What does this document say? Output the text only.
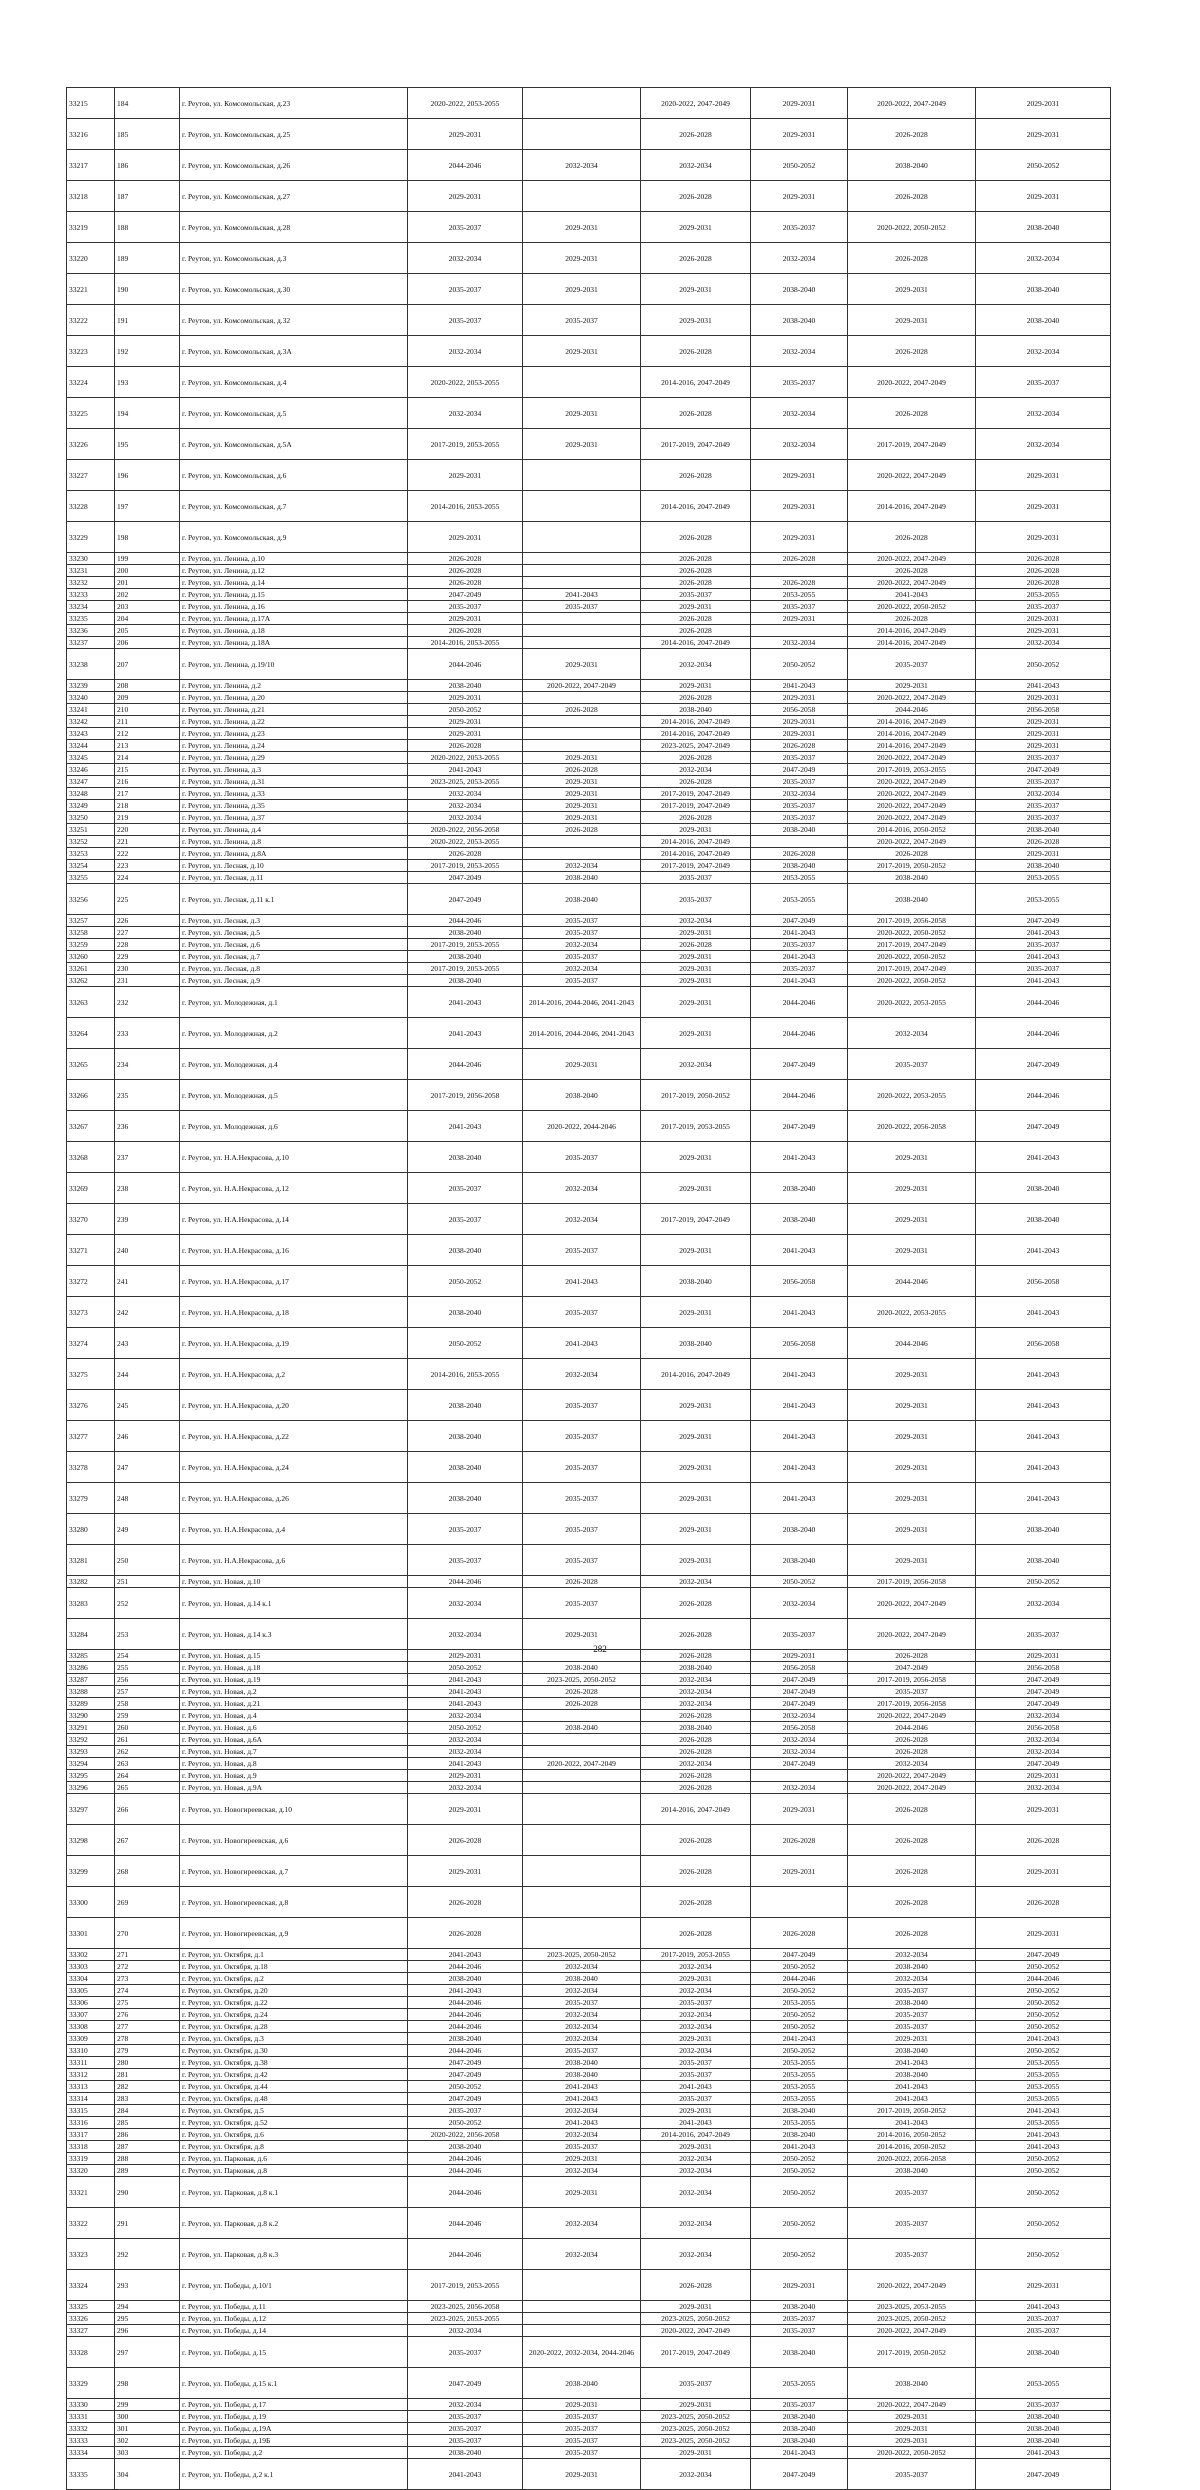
33215	184	г. Реутов, ул. Комсомольская, д.23	2020-2022, 2053-2055		2020-2022, 2047-2049	2029-2031	2020-2022, 2047-2049	2029-2031
33216	185	г. Реутов, ул. Комсомольская, д.25	2029-2031		2026-2028	2029-2031	2026-2028	2029-2031
33217	186	г. Реутов, ул. Комсомольская, д.26	2044-2046	2032-2034	2032-2034	2050-2052	2038-2040	2050-2052
33218	187	г. Реутов, ул. Комсомольская, д.27	2029-2031		2026-2028	2029-2031	2026-2028	2029-2031
33219	188	г. Реутов, ул. Комсомольская, д.28	2035-2037	2029-2031	2029-2031	2035-2037	2020-2022, 2050-2052	2038-2040
33220	189	г. Реутов, ул. Комсомольская, д.3	2032-2034	2029-2031	2026-2028	2032-2034	2026-2028	2032-2034
33221	190	г. Реутов, ул. Комсомольская, д.30	2035-2037	2029-2031	2029-2031	2038-2040	2029-2031	2038-2040
33222	191	г. Реутов, ул. Комсомольская, д.32	2035-2037	2035-2037	2029-2031	2038-2040	2029-2031	2038-2040
33223	192	г. Реутов, ул. Комсомольская, д.3А	2032-2034	2029-2031	2026-2028	2032-2034	2026-2028	2032-2034
33224	193	г. Реутов, ул. Комсомольская, д.4	2020-2022, 2053-2055		2014-2016, 2047-2049	2035-2037	2020-2022, 2047-2049	2035-2037
33225	194	г. Реутов, ул. Комсомольская, д.5	2032-2034	2029-2031	2026-2028	2032-2034	2026-2028	2032-2034
33226	195	г. Реутов, ул. Комсомольская, д.5А	2017-2019, 2053-2055	2029-2031	2017-2019, 2047-2049	2032-2034	2017-2019, 2047-2049	2032-2034
33227	196	г. Реутов, ул. Комсомольская, д.6	2029-2031		2026-2028	2029-2031	2020-2022, 2047-2049	2029-2031
33228	197	г. Реутов, ул. Комсомольская, д.7	2014-2016, 2053-2055		2014-2016, 2047-2049	2029-2031	2014-2016, 2047-2049	2029-2031
33229	198	г. Реутов, ул. Комсомольская, д.9	2029-2031		2026-2028	2029-2031	2026-2028	2029-2031
33230	199	г. Реутов, ул. Ленина, д.10	2026-2028		2026-2028	2026-2028	2020-2022, 2047-2049	2026-2028
33231	200	г. Реутов, ул. Ленина, д.12	2026-2028		2026-2028		2026-2028	2026-2028
33232	201	г. Реутов, ул. Ленина, д.14	2026-2028		2026-2028	2026-2028	2020-2022, 2047-2049	2026-2028
33233	202	г. Реутов, ул. Ленина, д.15	2047-2049	2041-2043	2035-2037	2053-2055	2041-2043	2053-2055
33234	203	г. Реутов, ул. Ленина, д.16	2035-2037	2035-2037	2029-2031	2035-2037	2020-2022, 2050-2052	2035-2037
33235	204	г. Реутов, ул. Ленина, д.17А	2029-2031		2026-2028	2029-2031	2026-2028	2029-2031
33236	205	г. Реутов, ул. Ленина, д.18	2026-2028		2026-2028		2014-2016, 2047-2049	2029-2031
33237	206	г. Реутов, ул. Ленина, д.18А	2014-2016, 2053-2055		2014-2016, 2047-2049	2032-2034	2014-2016, 2047-2049	2032-2034
33238	207	г. Реутов, ул. Ленина, д.19/10	2044-2046	2029-2031	2032-2034	2050-2052	2035-2037	2050-2052
33239	208	г. Реутов, ул. Ленина, д.2	2038-2040	2020-2022, 2047-2049	2029-2031	2041-2043	2029-2031	2041-2043
33240	209	г. Реутов, ул. Ленина, д.20	2029-2031		2026-2028	2029-2031	2020-2022, 2047-2049	2029-2031
33241	210	г. Реутов, ул. Ленина, д.21	2050-2052	2026-2028	2038-2040	2056-2058	2044-2046	2056-2058
33242	211	г. Реутов, ул. Ленина, д.22	2029-2031		2014-2016, 2047-2049	2029-2031	2014-2016, 2047-2049	2029-2031
33243	212	г. Реутов, ул. Ленина, д.23	2029-2031		2014-2016, 2047-2049	2029-2031	2014-2016, 2047-2049	2029-2031
33244	213	г. Реутов, ул. Ленина, д.24	2026-2028		2023-2025, 2047-2049	2026-2028	2014-2016, 2047-2049	2029-2031
33245	214	г. Реутов, ул. Ленина, д.29	2020-2022, 2053-2055	2029-2031	2026-2028	2035-2037	2020-2022, 2047-2049	2035-2037
33246	215	г. Реутов, ул. Ленина, д.3	2041-2043	2026-2028	2032-2034	2047-2049	2017-2019, 2053-2055	2047-2049
33247	216	г. Реутов, ул. Ленина, д.31	2023-2025, 2053-2055	2029-2031	2026-2028	2035-2037	2020-2022, 2047-2049	2035-2037
33248	217	г. Реутов, ул. Ленина, д.33	2032-2034	2029-2031	2017-2019, 2047-2049	2032-2034	2020-2022, 2047-2049	2032-2034
33249	218	г. Реутов, ул. Ленина, д.35	2032-2034	2029-2031	2017-2019, 2047-2049	2035-2037	2020-2022, 2047-2049	2035-2037
33250	219	г. Реутов, ул. Ленина, д.37	2032-2034	2029-2031	2026-2028	2035-2037	2020-2022, 2047-2049	2035-2037
33251	220	г. Реутов, ул. Ленина, д.4	2020-2022, 2056-2058	2026-2028	2029-2031	2038-2040	2014-2016, 2050-2052	2038-2040
33252	221	г. Реутов, ул. Ленина, д.8	2020-2022, 2053-2055		2014-2016, 2047-2049		2020-2022, 2047-2049	2026-2028
33253	222	г. Реутов, ул. Ленина, д.8А	2026-2028		2014-2016, 2047-2049	2026-2028	2026-2028	2029-2031
33254	223	г. Реутов, ул. Лесная, д.10	2017-2019, 2053-2055	2032-2034	2017-2019, 2047-2049	2038-2040	2017-2019, 2050-2052	2038-2040
33255	224	г. Реутов, ул. Лесная, д.11	2047-2049	2038-2040	2035-2037	2053-2055	2038-2040	2053-2055
33256	225	г. Реутов, ул. Лесная, д.11 к.1	2047-2049	2038-2040	2035-2037	2053-2055	2038-2040	2053-2055
33257	226	г. Реутов, ул. Лесная, д.3	2044-2046	2035-2037	2032-2034	2047-2049	2017-2019, 2056-2058	2047-2049
33258	227	г. Реутов, ул. Лесная, д.5	2038-2040	2035-2037	2029-2031	2041-2043	2020-2022, 2050-2052	2041-2043
33259	228	г. Реутов, ул. Лесная, д.6	2017-2019, 2053-2055	2032-2034	2026-2028	2035-2037	2017-2019, 2047-2049	2035-2037
33260	229	г. Реутов, ул. Лесная, д.7	2038-2040	2035-2037	2029-2031	2041-2043	2020-2022, 2050-2052	2041-2043
33261	230	г. Реутов, ул. Лесная, д.8	2017-2019, 2053-2055	2032-2034	2029-2031	2035-2037	2017-2019, 2047-2049	2035-2037
33262	231	г. Реутов, ул. Лесная, д.9	2038-2040	2035-2037	2029-2031	2041-2043	2020-2022, 2050-2052	2041-2043
33263	232	г. Реутов, ул. Молодежная, д.1	2041-2043	2014-2016, 2044-2046, 2041-2043	2029-2031	2044-2046	2020-2022, 2053-2055	2044-2046
33264	233	г. Реутов, ул. Молодежная, д.2	2041-2043	2014-2016, 2044-2046, 2041-2043	2029-2031	2044-2046	2032-2034	2044-2046
33265	234	г. Реутов, ул. Молодежная, д.4	2044-2046	2029-2031	2032-2034	2047-2049	2035-2037	2047-2049
33266	235	г. Реутов, ул. Молодежная, д.5	2017-2019, 2056-2058	2038-2040	2017-2019, 2050-2052	2044-2046	2020-2022, 2053-2055	2044-2046
33267	236	г. Реутов, ул. Молодежная, д.6	2041-2043	2020-2022, 2044-2046	2017-2019, 2053-2055	2047-2049	2020-2022, 2056-2058	2047-2049
33268	237	г. Реутов, ул. Н.А.Некрасова, д.10	2038-2040	2035-2037	2029-2031	2041-2043	2029-2031	2041-2043
33269	238	г. Реутов, ул. Н.А.Некрасова, д.12	2035-2037	2032-2034	2029-2031	2038-2040	2029-2031	2038-2040
33270	239	г. Реутов, ул. Н.А.Некрасова, д.14	2035-2037	2032-2034	2017-2019, 2047-2049	2038-2040	2029-2031	2038-2040
33271	240	г. Реутов, ул. Н.А.Некрасова, д.16	2038-2040	2035-2037	2029-2031	2041-2043	2029-2031	2041-2043
33272	241	г. Реутов, ул. Н.А.Некрасова, д.17	2050-2052	2041-2043	2038-2040	2056-2058	2044-2046	2056-2058
33273	242	г. Реутов, ул. Н.А.Некрасова, д.18	2038-2040	2035-2037	2029-2031	2041-2043	2020-2022, 2053-2055	2041-2043
33274	243	г. Реутов, ул. Н.А.Некрасова, д.19	2050-2052	2041-2043	2038-2040	2056-2058	2044-2046	2056-2058
33275	244	г. Реутов, ул. Н.А.Некрасова, д.2	2014-2016, 2053-2055	2032-2034	2014-2016, 2047-2049	2041-2043	2029-2031	2041-2043
33276	245	г. Реутов, ул. Н.А.Некрасова, д.20	2038-2040	2035-2037	2029-2031	2041-2043	2029-2031	2041-2043
33277	246	г. Реутов, ул. Н.А.Некрасова, д.22	2038-2040	2035-2037	2029-2031	2041-2043	2029-2031	2041-2043
33278	247	г. Реутов, ул. Н.А.Некрасова, д.24	2038-2040	2035-2037	2029-2031	2041-2043	2029-2031	2041-2043
33279	248	г. Реутов, ул. Н.А.Некрасова, д.26	2038-2040	2035-2037	2029-2031	2041-2043	2029-2031	2041-2043
33280	249	г. Реутов, ул. Н.А.Некрасова, д.4	2035-2037	2035-2037	2029-2031	2038-2040	2029-2031	2038-2040
33281	250	г. Реутов, ул. Н.А.Некрасова, д.6	2035-2037	2035-2037	2029-2031	2038-2040	2029-2031	2038-2040
33282	251	г. Реутов, ул. Новая, д.10	2044-2046	2026-2028	2032-2034	2050-2052	2017-2019, 2056-2058	2050-2052
33283	252	г. Реутов, ул. Новая, д.14 к.1	2032-2034	2035-2037	2026-2028	2032-2034	2020-2022, 2047-2049	2032-2034
33284	253	г. Реутов, ул. Новая, д.14 к.3	2032-2034	2029-2031	2026-2028	2035-2037	2020-2022, 2047-2049	2035-2037
33285	254	г. Реутов, ул. Новая, д.15	2029-2031		2026-2028	2029-2031	2026-2028	2029-2031
33286	255	г. Реутов, ул. Новая, д.18	2050-2052	2038-2040	2038-2040	2056-2058	2047-2049	2056-2058
33287	256	г. Реутов, ул. Новая, д.19	2041-2043	2023-2025, 2050-2052	2032-2034	2047-2049	2017-2019, 2056-2058	2047-2049
33288	257	г. Реутов, ул. Новая, д.2	2041-2043	2026-2028	2032-2034	2047-2049	2035-2037	2047-2049
33289	258	г. Реутов, ул. Новая, д.21	2041-2043	2026-2028	2032-2034	2047-2049	2017-2019, 2056-2058	2047-2049
33290	259	г. Реутов, ул. Новая, д.4	2032-2034		2026-2028	2032-2034	2020-2022, 2047-2049	2032-2034
33291	260	г. Реутов, ул. Новая, д.6	2050-2052	2038-2040	2038-2040	2056-2058	2044-2046	2056-2058
33292	261	г. Реутов, ул. Новая, д.6А	2032-2034		2026-2028	2032-2034	2026-2028	2032-2034
33293	262	г. Реутов, ул. Новая, д.7	2032-2034		2026-2028	2032-2034	2026-2028	2032-2034
33294	263	г. Реутов, ул. Новая, д.8	2041-2043	2020-2022, 2047-2049	2032-2034	2047-2049	2032-2034	2047-2049
33295	264	г. Реутов, ул. Новая, д.9	2029-2031		2026-2028		2020-2022, 2047-2049	2029-2031
33296	265	г. Реутов, ул. Новая, д.9А	2032-2034		2026-2028	2032-2034	2020-2022, 2047-2049	2032-2034
33297	266	г. Реутов, ул. Новогиреевская, д.10	2029-2031		2014-2016, 2047-2049	2029-2031	2026-2028	2029-2031
33298	267	г. Реутов, ул. Новогиреевская, д.6	2026-2028		2026-2028	2026-2028	2026-2028	2026-2028
33299	268	г. Реутов, ул. Новогиреевская, д.7	2029-2031		2026-2028	2029-2031	2026-2028	2029-2031
33300	269	г. Реутов, ул. Новогиреевская, д.8	2026-2028		2026-2028		2026-2028	2026-2028
33301	270	г. Реутов, ул. Новогиреевская, д.9	2026-2028		2026-2028	2026-2028	2026-2028	2029-2031
33302	271	г. Реутов, ул. Октября, д.1	2041-2043	2023-2025, 2050-2052	2017-2019, 2053-2055	2047-2049	2032-2034	2047-2049
33303	272	г. Реутов, ул. Октября, д.18	2044-2046	2032-2034	2032-2034	2050-2052	2038-2040	2050-2052
33304	273	г. Реутов, ул. Октября, д.2	2038-2040	2038-2040	2029-2031	2044-2046	2032-2034	2044-2046
33305	274	г. Реутов, ул. Октября, д.20	2041-2043	2032-2034	2032-2034	2050-2052	2035-2037	2050-2052
33306	275	г. Реутов, ул. Октября, д.22	2044-2046	2035-2037	2035-2037	2053-2055	2038-2040	2050-2052
33307	276	г. Реутов, ул. Октября, д.24	2044-2046	2032-2034	2032-2034	2050-2052	2035-2037	2050-2052
33308	277	г. Реутов, ул. Октября, д.28	2044-2046	2032-2034	2032-2034	2050-2052	2035-2037	2050-2052
33309	278	г. Реутов, ул. Октября, д.3	2038-2040	2032-2034	2029-2031	2041-2043	2029-2031	2041-2043
33310	279	г. Реутов, ул. Октября, д.30	2044-2046	2035-2037	2032-2034	2050-2052	2038-2040	2050-2052
33311	280	г. Реутов, ул. Октября, д.38	2047-2049	2038-2040	2035-2037	2053-2055	2041-2043	2053-2055
33312	281	г. Реутов, ул. Октября, д.42	2047-2049	2038-2040	2035-2037	2053-2055	2038-2040	2053-2055
33313	282	г. Реутов, ул. Октября, д.44	2050-2052	2041-2043	2041-2043	2053-2055	2041-2043	2053-2055
33314	283	г. Реутов, ул. Октября, д.48	2047-2049	2041-2043	2035-2037	2053-2055	2041-2043	2053-2055
33315	284	г. Реутов, ул. Октября, д.5	2035-2037	2032-2034	2029-2031	2038-2040	2017-2019, 2050-2052	2041-2043
33316	285	г. Реутов, ул. Октября, д.52	2050-2052	2041-2043	2041-2043	2053-2055	2041-2043	2053-2055
33317	286	г. Реутов, ул. Октября, д.6	2020-2022, 2056-2058	2032-2034	2014-2016, 2047-2049	2038-2040	2014-2016, 2050-2052	2041-2043
33318	287	г. Реутов, ул. Октября, д.8	2038-2040	2035-2037	2029-2031	2041-2043	2014-2016, 2050-2052	2041-2043
33319	288	г. Реутов, ул. Парковая, д.6	2044-2046	2029-2031	2032-2034	2050-2052	2020-2022, 2056-2058	2050-2052
33320	289	г. Реутов, ул. Парковая, д.8	2044-2046	2032-2034	2032-2034	2050-2052	2038-2040	2050-2052
33321	290	г. Реутов, ул. Парковая, д.8 к.1	2044-2046	2029-2031	2032-2034	2050-2052	2035-2037	2050-2052
33322	291	г. Реутов, ул. Парковая, д.8 к.2	2044-2046	2032-2034	2032-2034	2050-2052	2035-2037	2050-2052
33323	292	г. Реутов, ул. Парковая, д.8 к.3	2044-2046	2032-2034	2032-2034	2050-2052	2035-2037	2050-2052
33324	293	г. Реутов, ул. Победы, д.10/1	2017-2019, 2053-2055		2026-2028	2029-2031	2020-2022, 2047-2049	2029-2031
33325	294	г. Реутов, ул. Победы, д.11	2023-2025, 2056-2058		2029-2031	2038-2040	2023-2025, 2053-2055	2041-2043
33326	295	г. Реутов, ул. Победы, д.12	2023-2025, 2053-2055		2023-2025, 2050-2052	2035-2037	2023-2025, 2050-2052	2035-2037
33327	296	г. Реутов, ул. Победы, д.14	2032-2034		2020-2022, 2047-2049	2035-2037	2020-2022, 2047-2049	2035-2037
33328	297	г. Реутов, ул. Победы, д.15	2035-2037	2020-2022, 2032-2034, 2044-2046	2017-2019, 2047-2049	2038-2040	2017-2019, 2050-2052	2038-2040
33329	298	г. Реутов, ул. Победы, д.15 к.1	2047-2049	2038-2040	2035-2037	2053-2055	2038-2040	2053-2055
33330	299	г. Реутов, ул. Победы, д.17	2032-2034	2029-2031	2029-2031	2035-2037	2020-2022, 2047-2049	2035-2037
33331	300	г. Реутов, ул. Победы, д.19	2035-2037	2035-2037	2023-2025, 2050-2052	2038-2040	2029-2031	2038-2040
33332	301	г. Реутов, ул. Победы, д.19А	2035-2037	2035-2037	2023-2025, 2050-2052	2038-2040	2029-2031	2038-2040
33333	302	г. Реутов, ул. Победы, д.19Б	2035-2037	2035-2037	2023-2025, 2050-2052	2038-2040	2029-2031	2038-2040
33334	303	г. Реутов, ул. Победы, д.2	2038-2040	2035-2037	2029-2031	2041-2043	2020-2022, 2050-2052	2041-2043
33335	304	г. Реутов, ул. Победы, д.2 к.1	2041-2043	2029-2031	2032-2034	2047-2049	2035-2037	2047-2049
282
